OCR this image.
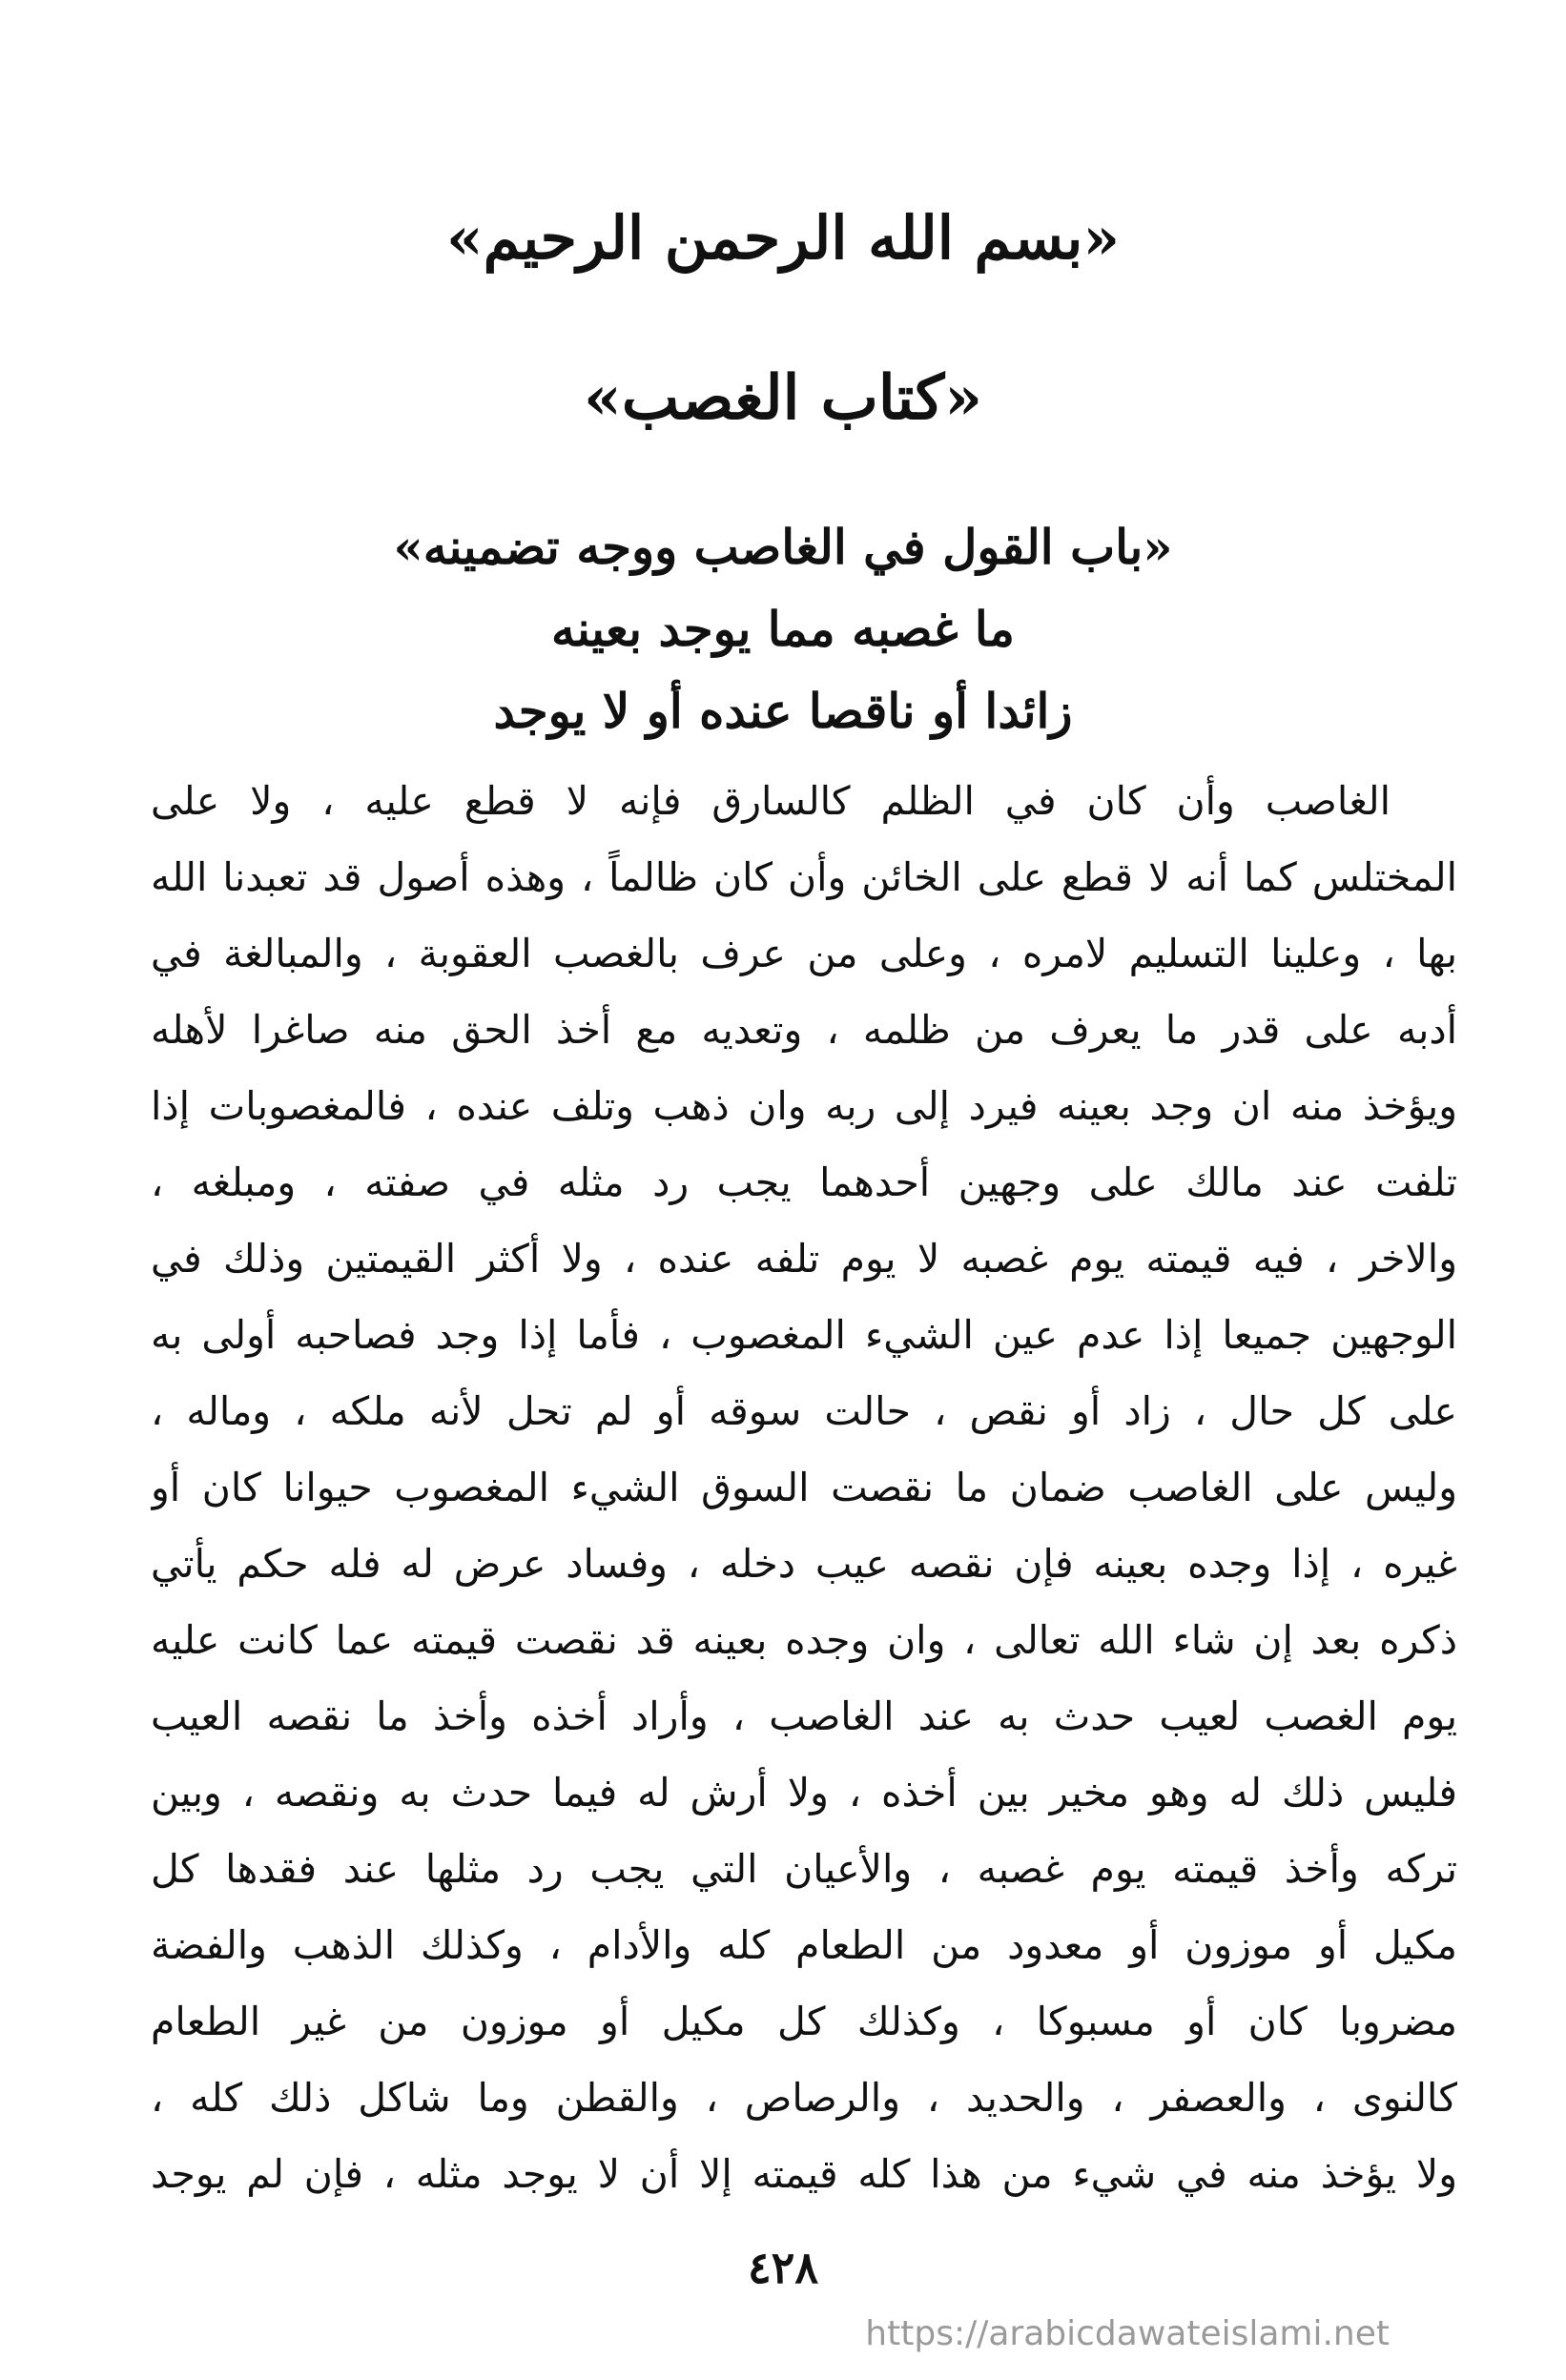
«بسم الله الرحمن الرحيم»

«كتاب الغصب»

«باب القول في الغاصب ووجه تضمينه»

ما غصبه مما يوجد بعينه

زائدا أو ناقصا عنده أو لا يوجد

الغاصب وأن كان في الظلم كالسارق فإنه لا قطع عليه ، ولا على
المختلس كما أنه لا قطع على الخائن وأن كان ظالماً ، وهذه أصول قد تعبدنا الله
بها ، وعلينا التسليم لامره ، وعلى من عرف بالغصب العقوبة ، والمبالغة في
أدبه على قدر ما يعرف من ظلمه ، وتعديه مع أخذ الحق منه صاغرا لأهله
ويؤخذ منه ان وجد بعينه فيرد إلى ربه وان ذهب وتلف عنده ، فالمغصوبات إذا
تلفت عند مالك على وجهين أحدهما يجب رد مثله في صفته ، ومبلغه ،
والاخر ، فيه قيمته يوم غصبه لا يوم تلفه عنده ، ولا أكثر القيمتين وذلك في
الوجهين جميعا إذا عدم عين الشيء المغصوب ، فأما إذا وجد فصاحبه أولى به
على كل حال ، زاد أو نقص ، حالت سوقه أو لم تحل لأنه ملكه ، وماله ،
وليس على الغاصب ضمان ما نقصت السوق الشيء المغصوب حيوانا كان أو
غيره ، إذا وجده بعينه فإن نقصه عيب دخله ، وفساد عرض له فله حكم يأتي
ذكره بعد إن شاء الله تعالى ، وان وجده بعينه قد نقصت قيمته عما كانت عليه
يوم الغصب لعيب حدث به عند الغاصب ، وأراد أخذه وأخذ ما نقصه العيب
فليس ذلك له وهو مخير بين أخذه ، ولا أرش له فيما حدث به ونقصه ، وبين
تركه وأخذ قيمته يوم غصبه ، والأعيان التي يجب رد مثلها عند فقدها كل
مكيل أو موزون أو معدود من الطعام كله والأدام ، وكذلك الذهب والفضة
مضروبا كان أو مسبوكا ، وكذلك كل مكيل أو موزون من غير الطعام
كالنوى ، والعصفر ، والحديد ، والرصاص ، والقطن وما شاكل ذلك كله ،
ولا يؤخذ منه في شيء من هذا كله قيمته إلا أن لا يوجد مثله ، فإن لم يوجد
٤٢٨
https://arabicdawateislami.net
